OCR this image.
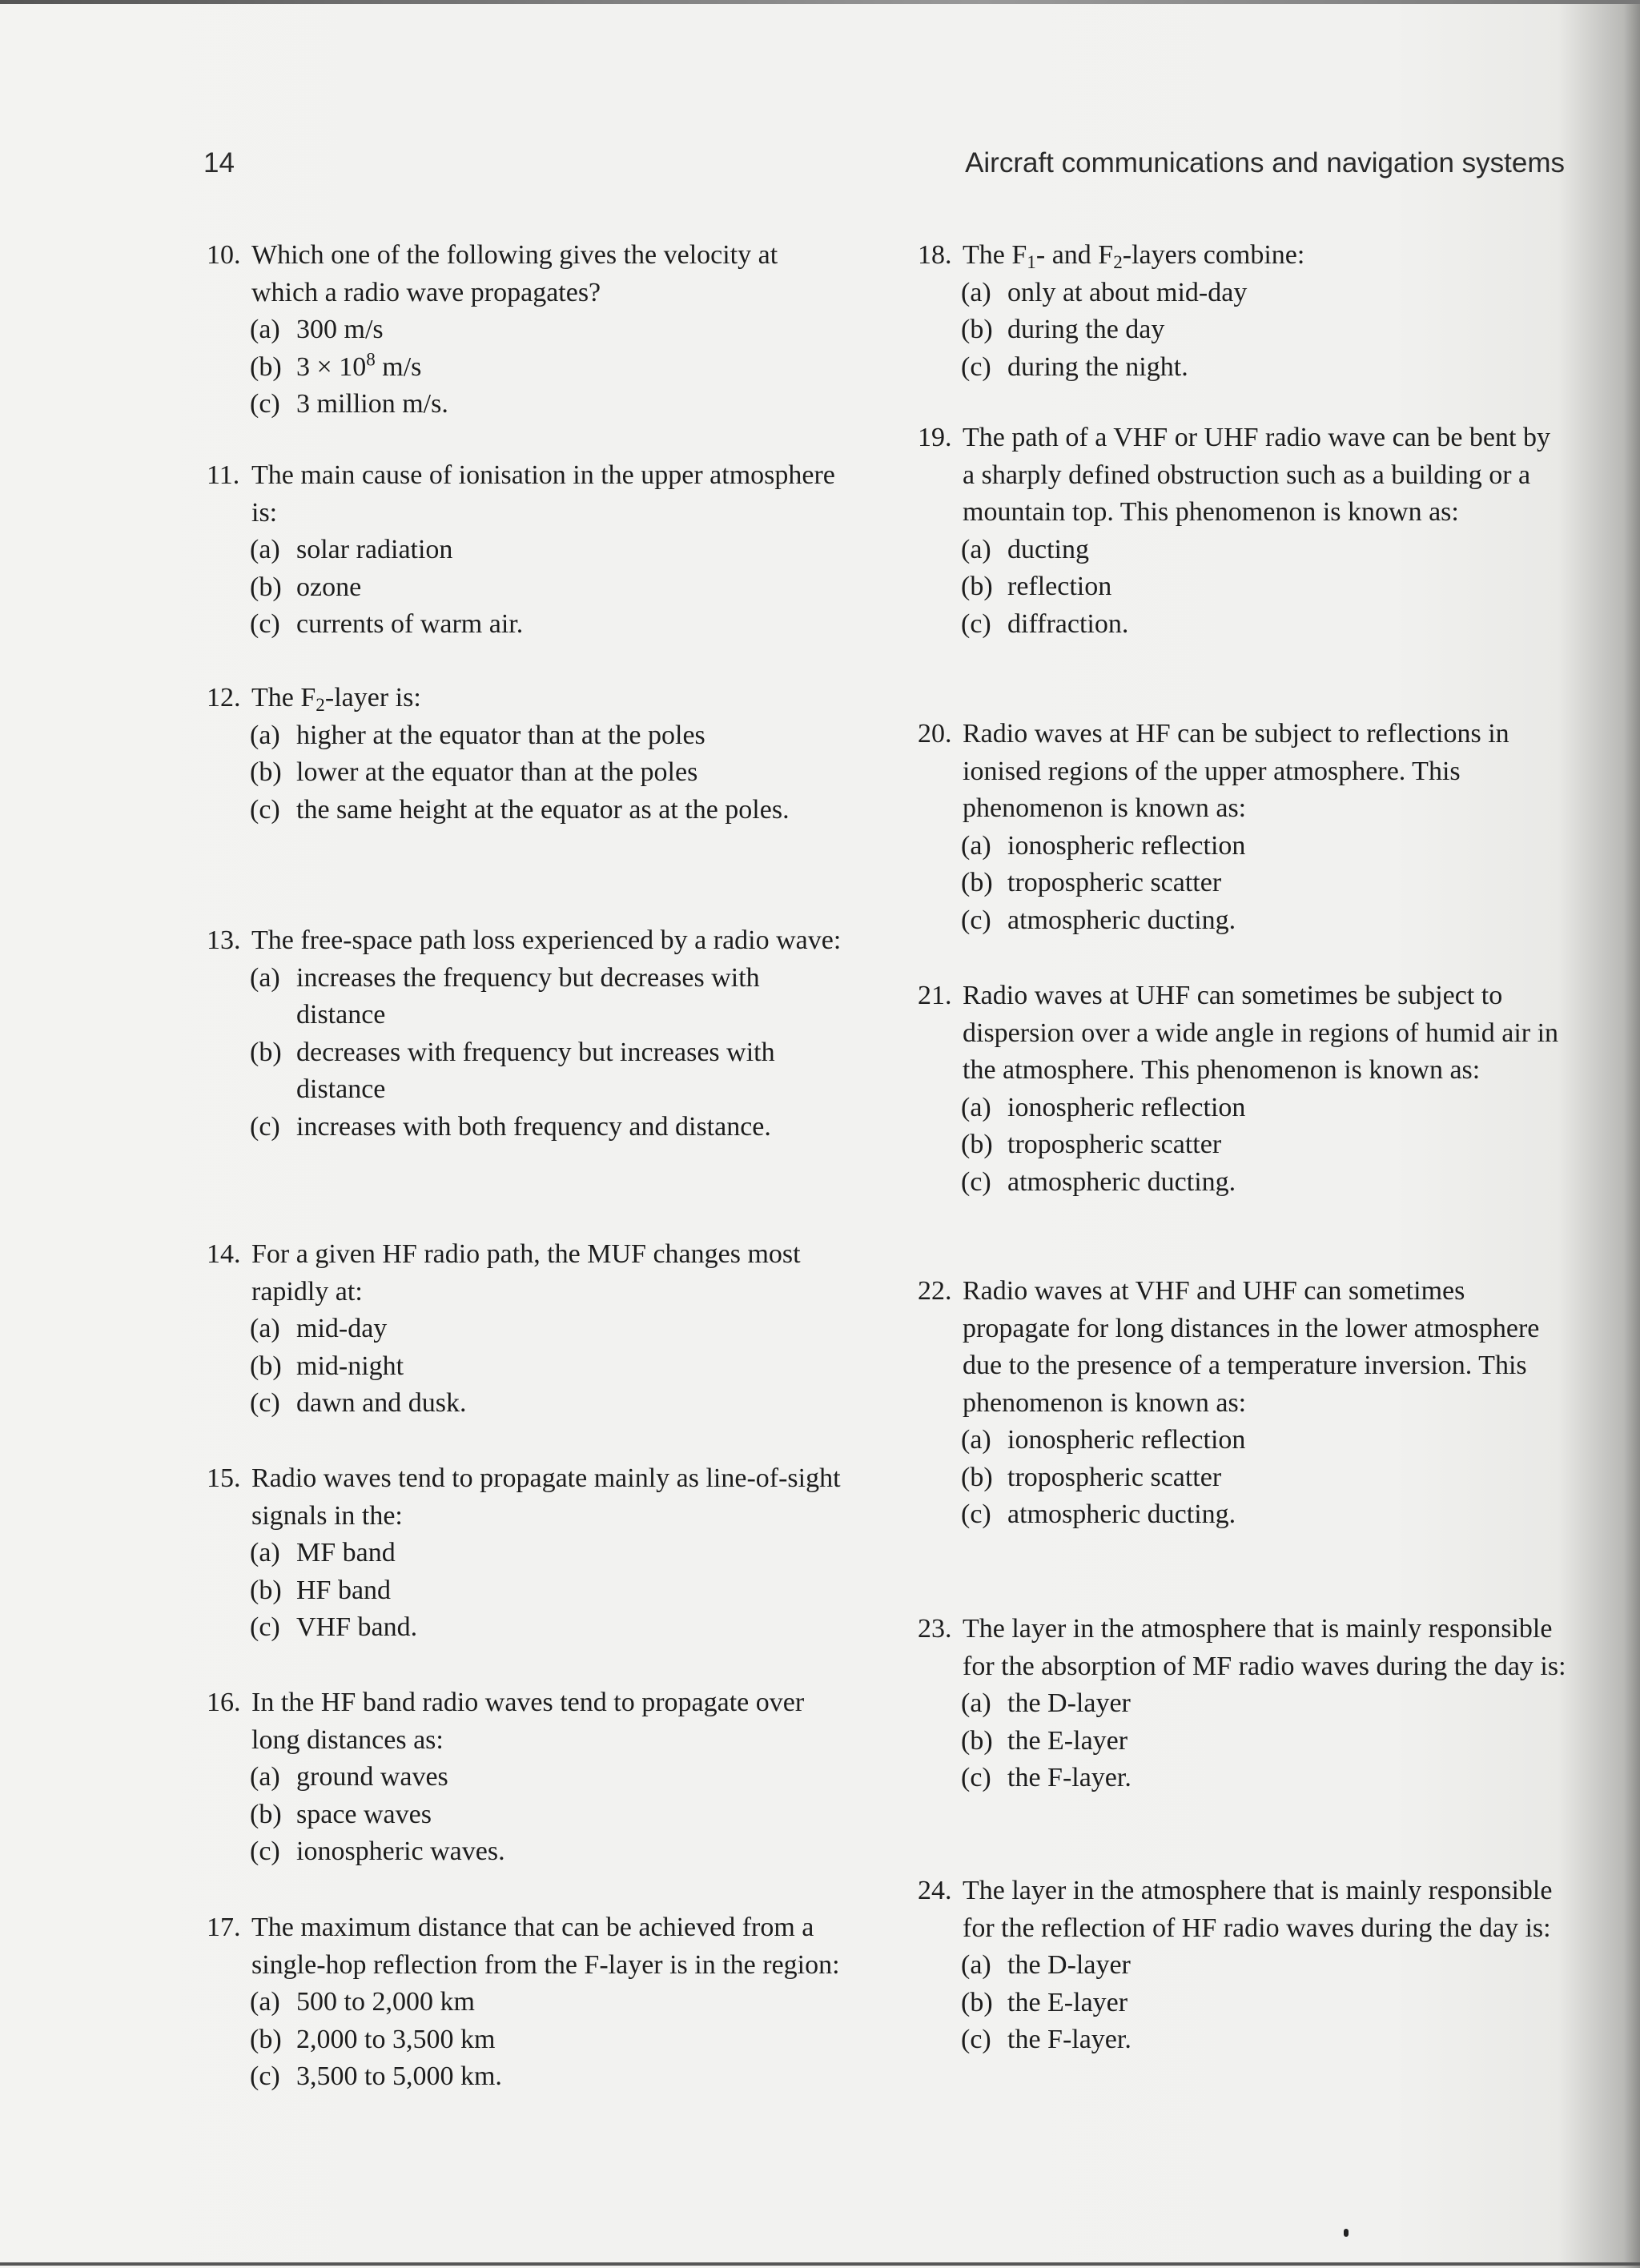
14	Aircraft communications and navigation systems
10. Which one of the following gives the velocity at which a radio wave propagates?
(a) 300 m/s
(b) $3 \times 10^8$ m/s
(c) 3 million m/s.
11. The main cause of ionisation in the upper atmosphere is:
(a) solar radiation
(b) ozone
(c) currents of warm air.
12. The $F_2$-layer is:
(a) higher at the equator than at the poles
(b) lower at the equator than at the poles
(c) the same height at the equator as at the poles.
13. The free-space path loss experienced by a radio wave:
(a) increases the frequency but decreases with distance
(b) decreases with frequency but increases with distance
(c) increases with both frequency and distance.
14. For a given HF radio path, the MUF changes most rapidly at:
(a) mid-day
(b) mid-night
(c) dawn and dusk.
15. Radio waves tend to propagate mainly as line-of-sight signals in the:
(a) MF band
(b) HF band
(c) VHF band.
16. In the HF band radio waves tend to propagate over long distances as:
(a) ground waves
(b) space waves
(c) ionospheric waves.
17. The maximum distance that can be achieved from a single-hop reflection from the F-layer is in the region:
(a) 500 to 2,000 km
(b) 2,000 to 3,500 km
(c) 3,500 to 5,000 km.
18. The $F_1-$ and $F_2$-layers combine:
(a) only at about mid-day
(b) during the day
(c) during the night.
19. The path of a VHF or UHF radio wave can be bent by a sharply defined obstruction such as a building or a mountain top. This phenomenon is known as:
(a) ducting
(b) reflection
(c) diffraction.
20. Radio waves at HF can be subject to reflections in ionised regions of the upper atmosphere. This phenomenon is known as:
(a) ionospheric reflection
(b) tropospheric scatter
(c) atmospheric ducting.
21. Radio waves at UHF can sometimes be subject to dispersion over a wide angle in regions of humid air in the atmosphere. This phenomenon is known as:
(a) ionospheric reflection
(b) tropospheric scatter
(c) atmospheric ducting.
22. Radio waves at VHF and UHF can sometimes propagate for long distances in the lower atmosphere due to the presence of a temperature inversion. This phenomenon is known as:
(a) ionospheric reflection
(b) tropospheric scatter
(c) atmospheric ducting.
23. The layer in the atmosphere that is mainly responsible for the absorption of MF radio waves during the day is:
(a) the D-layer
(b) the E-layer
(c) the F-layer.
24. The layer in the atmosphere that is mainly responsible for the reflection of HF radio waves during the day is:
(a) the D-layer
(b) the E-layer
(c) the F-layer.
